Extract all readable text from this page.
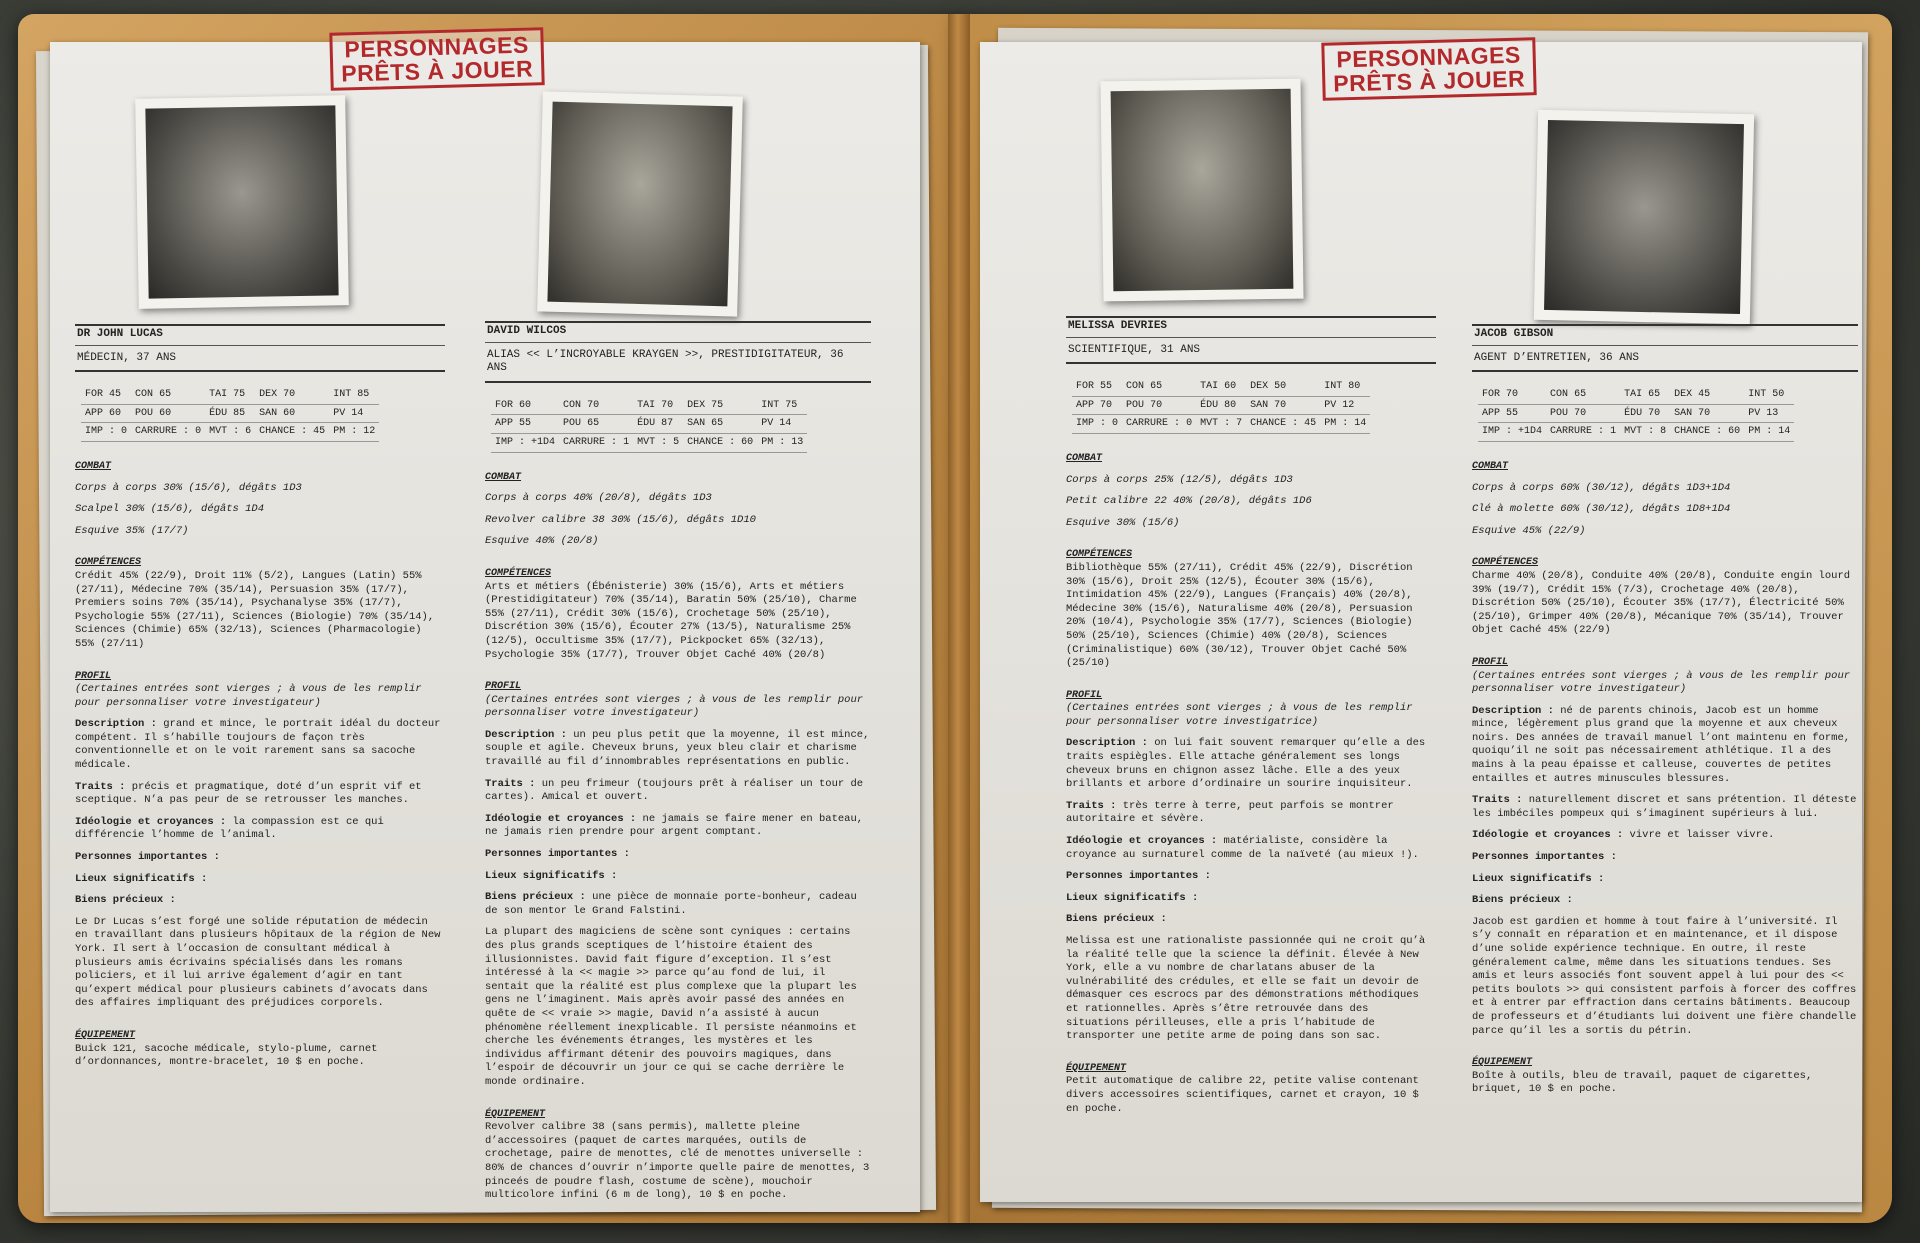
PERSONNAGES
PRÊTS À JOUER	PERSONNAGES
PRÊTS À JOUER
DR JOHN LUCAS
MÉDECIN, 37 ANS
FOR 45	CON 65	TAI 75	DEX 70	INT 85
APP 60	POU 60	ÉDU 85	SAN 60	PV 14
IMP : 0	CARRURE : 0	MVT : 6	CHANCE : 45	PM : 12
COMBAT
Corps à corps 30% (15/6), dégâts 1D3
Scalpel 30% (15/6), dégâts 1D4
Esquive 35% (17/7)
COMPÉTENCES
Crédit 45% (22/9), Droit 11% (5/2), Langues (Latin) 55% (27/11), Médecine 70% (35/14), Persuasion 35% (17/7), Premiers soins 70% (35/14), Psychanalyse 35% (17/7), Psychologie 55% (27/11), Sciences (Biologie) 70% (35/14), Sciences (Chimie) 65% (32/13), Sciences (Pharmacologie) 55% (27/11)
PROFIL
(Certaines entrées sont vierges ; à vous de les remplir pour personnaliser votre investigateur)
Description : grand et mince, le portrait idéal du docteur compétent. Il s’habille toujours de façon très conventionnelle et on le voit rarement sans sa sacoche médicale.
Traits : précis et pragmatique, doté d’un esprit vif et sceptique. N’a pas peur de se retrousser les manches.
Idéologie et croyances : la compassion est ce qui différencie l’homme de l’animal.
Personnes importantes :
Lieux significatifs :
Biens précieux :
Le Dr Lucas s’est forgé une solide réputation de médecin en travaillant dans plusieurs hôpitaux de la région de New York. Il sert à l’occasion de consultant médical à plusieurs amis écrivains spécialisés dans les romans policiers, et il lui arrive également d’agir en tant qu’expert médical pour plusieurs cabinets d’avocats dans des affaires impliquant des préjudices corporels.
ÉQUIPEMENT
Buick 121, sacoche médicale, stylo-plume, carnet d’ordonnances, montre-bracelet, 10 $ en poche.
DAVID WILCOS
ALIAS << L’INCROYABLE KRAYGEN >>, PRESTIDIGITATEUR, 36 ANS
FOR 60	CON 70	TAI 70	DEX 75	INT 75
APP 55	POU 65	ÉDU 87	SAN 65	PV 14
IMP : +1D4	CARRURE : 1	MVT : 5	CHANCE : 60	PM : 13
COMBAT
Corps à corps 40% (20/8), dégâts 1D3
Revolver calibre 38 30% (15/6), dégâts 1D10
Esquive 40% (20/8)
COMPÉTENCES
Arts et métiers (Ébénisterie) 30% (15/6), Arts et métiers (Prestidigitateur) 70% (35/14), Baratin 50% (25/10), Charme 55% (27/11), Crédit 30% (15/6), Crochetage 50% (25/10), Discrétion 30% (15/6), Écouter 27% (13/5), Naturalisme 25% (12/5), Occultisme 35% (17/7), Pickpocket 65% (32/13), Psychologie 35% (17/7), Trouver Objet Caché 40% (20/8)
PROFIL
(Certaines entrées sont vierges ; à vous de les remplir pour personnaliser votre investigateur)
Description : un peu plus petit que la moyenne, il est mince, souple et agile. Cheveux bruns, yeux bleu clair et charisme travaillé au fil d’innombrables représentations en public.
Traits : un peu frimeur (toujours prêt à réaliser un tour de cartes). Amical et ouvert.
Idéologie et croyances : ne jamais se faire mener en bateau, ne jamais rien prendre pour argent comptant.
Personnes importantes :
Lieux significatifs :
Biens précieux : une pièce de monnaie porte-bonheur, cadeau de son mentor le Grand Falstini.
La plupart des magiciens de scène sont cyniques : certains des plus grands sceptiques de l’histoire étaient des illusionnistes. David fait figure d’exception. Il s’est intéressé à la << magie >> parce qu’au fond de lui, il sentait que la réalité est plus complexe que la plupart les gens ne l’imaginent. Mais après avoir passé des années en quête de << vraie >> magie, David n’a assisté à aucun phénomène réellement inexplicable. Il persiste néanmoins et cherche les événements étranges, les mystères et les individus affirmant détenir des pouvoirs magiques, dans l’espoir de découvrir un jour ce qui se cache derrière le monde ordinaire.
ÉQUIPEMENT
Revolver calibre 38 (sans permis), mallette pleine d’accessoires (paquet de cartes marquées, outils de crochetage, paire de menottes, clé de menottes universelle : 80% de chances d’ouvrir n’importe quelle paire de menottes, 3 pinceés de poudre flash, costume de scène), mouchoir multicolore infini (6 m de long), 10 $ en poche.
MELISSA DEVRIES
SCIENTIFIQUE, 31 ANS
FOR 55	CON 65	TAI 60	DEX 50	INT 80
APP 70	POU 70	ÉDU 80	SAN 70	PV 12
IMP : 0	CARRURE : 0	MVT : 7	CHANCE : 45	PM : 14
COMBAT
Corps à corps 25% (12/5), dégâts 1D3
Petit calibre 22 40% (20/8), dégâts 1D6
Esquive 30% (15/6)
COMPÉTENCES
Bibliothèque 55% (27/11), Crédit 45% (22/9), Discrétion 30% (15/6), Droit 25% (12/5), Écouter 30% (15/6), Intimidation 45% (22/9), Langues (Français) 40% (20/8), Médecine 30% (15/6), Naturalisme 40% (20/8), Persuasion 20% (10/4), Psychologie 35% (17/7), Sciences (Biologie) 50% (25/10), Sciences (Chimie) 40% (20/8), Sciences (Criminalistique) 60% (30/12), Trouver Objet Caché 50% (25/10)
PROFIL
(Certaines entrées sont vierges ; à vous de les remplir pour personnaliser votre investigatrice)
Description : on lui fait souvent remarquer qu’elle a des traits espiègles. Elle attache généralement ses longs cheveux bruns en chignon assez lâche. Elle a des yeux brillants et arbore d’ordinaire un sourire inquisiteur.
Traits : très terre à terre, peut parfois se montrer autoritaire et sévère.
Idéologie et croyances : matérialiste, considère la croyance au surnaturel comme de la naïveté (au mieux !).
Personnes importantes :
Lieux significatifs :
Biens précieux :
Melissa est une rationaliste passionnée qui ne croit qu’à la réalité telle que la science la définit. Élevée à New York, elle a vu nombre de charlatans abuser de la vulnérabilité des crédules, et elle se fait un devoir de démasquer ces escrocs par des démonstrations méthodiques et rationnelles. Après s’être retrouvée dans des situations périlleuses, elle a pris l’habitude de transporter une petite arme de poing dans son sac.
ÉQUIPEMENT
Petit automatique de calibre 22, petite valise contenant divers accessoires scientifiques, carnet et crayon, 10 $ en poche.
JACOB GIBSON
AGENT D’ENTRETIEN, 36 ANS
FOR 70	CON 65	TAI 65	DEX 45	INT 50
APP 55	POU 70	ÉDU 70	SAN 70	PV 13
IMP : +1D4	CARRURE : 1	MVT : 8	CHANCE : 60	PM : 14
COMBAT
Corps à corps 60% (30/12), dégâts 1D3+1D4
Clé à molette 60% (30/12), dégâts 1D8+1D4
Esquive 45% (22/9)
COMPÉTENCES
Charme 40% (20/8), Conduite 40% (20/8), Conduite engin lourd 39% (19/7), Crédit 15% (7/3), Crochetage 40% (20/8), Discrétion 50% (25/10), Écouter 35% (17/7), Électricité 50% (25/10), Grimper 40% (20/8), Mécanique 70% (35/14), Trouver Objet Caché 45% (22/9)
PROFIL
(Certaines entrées sont vierges ; à vous de les remplir pour personnaliser votre investigateur)
Description : né de parents chinois, Jacob est un homme mince, légèrement plus grand que la moyenne et aux cheveux noirs. Des années de travail manuel l’ont maintenu en forme, quoiqu’il ne soit pas nécessairement athlétique. Il a des mains à la peau épaisse et calleuse, couvertes de petites entailles et autres minuscules blessures.
Traits : naturellement discret et sans prétention. Il déteste les imbéciles pompeux qui s’imaginent supérieurs à lui.
Idéologie et croyances : vivre et laisser vivre.
Personnes importantes :
Lieux significatifs :
Biens précieux :
Jacob est gardien et homme à tout faire à l’université. Il s’y connaît en réparation et en maintenance, et il dispose d’une solide expérience technique. En outre, il reste généralement calme, même dans les situations tendues. Ses amis et leurs associés font souvent appel à lui pour des << petits boulots >> qui consistent parfois à forcer des coffres et à entrer par effraction dans certains bâtiments. Beaucoup de professeurs et d’étudiants lui doivent une fière chandelle parce qu’il les a sortis du pétrin.
ÉQUIPEMENT
Boîte à outils, bleu de travail, paquet de cigarettes, briquet, 10 $ en poche.
